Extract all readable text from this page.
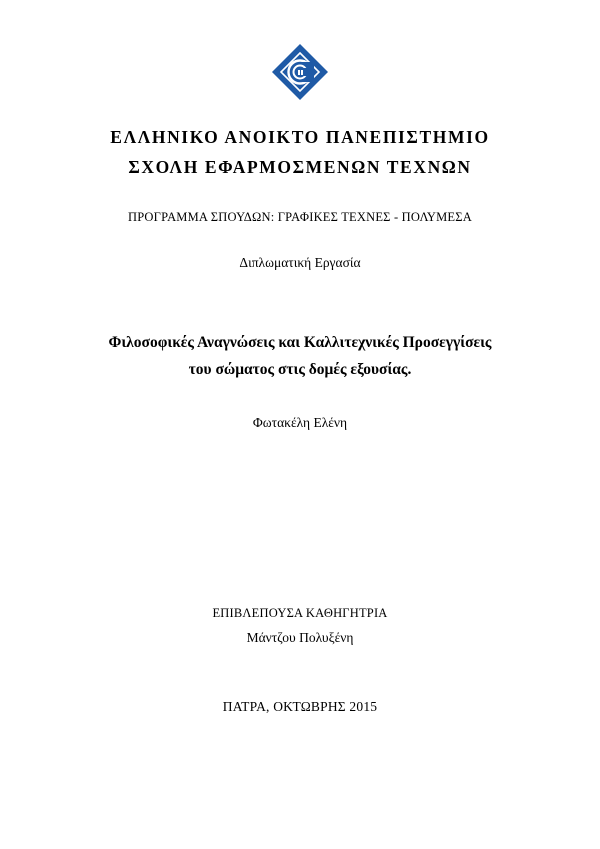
ΕΛΛΗΝΙΚΟ ΑΝΟΙΚΤΟ ΠΑΝΕΠΙΣΤΗΜΙΟ
ΣΧΟΛΗ ΕΦΑΡΜΟΣΜΕΝΩΝ ΤΕΧΝΩΝ
ΠΡΟΓΡΑΜΜΑ ΣΠΟΥΔΩΝ: ΓΡΑΦΙΚΕΣ ΤΕΧΝΕΣ - ΠΟΛΥΜΕΣΑ
Διπλωματική Εργασία
Φιλοσοφικές Αναγνώσεις και Καλλιτεχνικές Προσεγγίσεις
του σώματος στις δομές εξουσίας.
Φωτακέλη Ελένη
ΕΠΙΒΛΕΠΟΥΣΑ ΚΑΘΗΓΗΤΡΙΑ
Μάντζου Πολυξένη
ΠΑΤΡΑ, ΟΚΤΩΒΡΗΣ 2015
